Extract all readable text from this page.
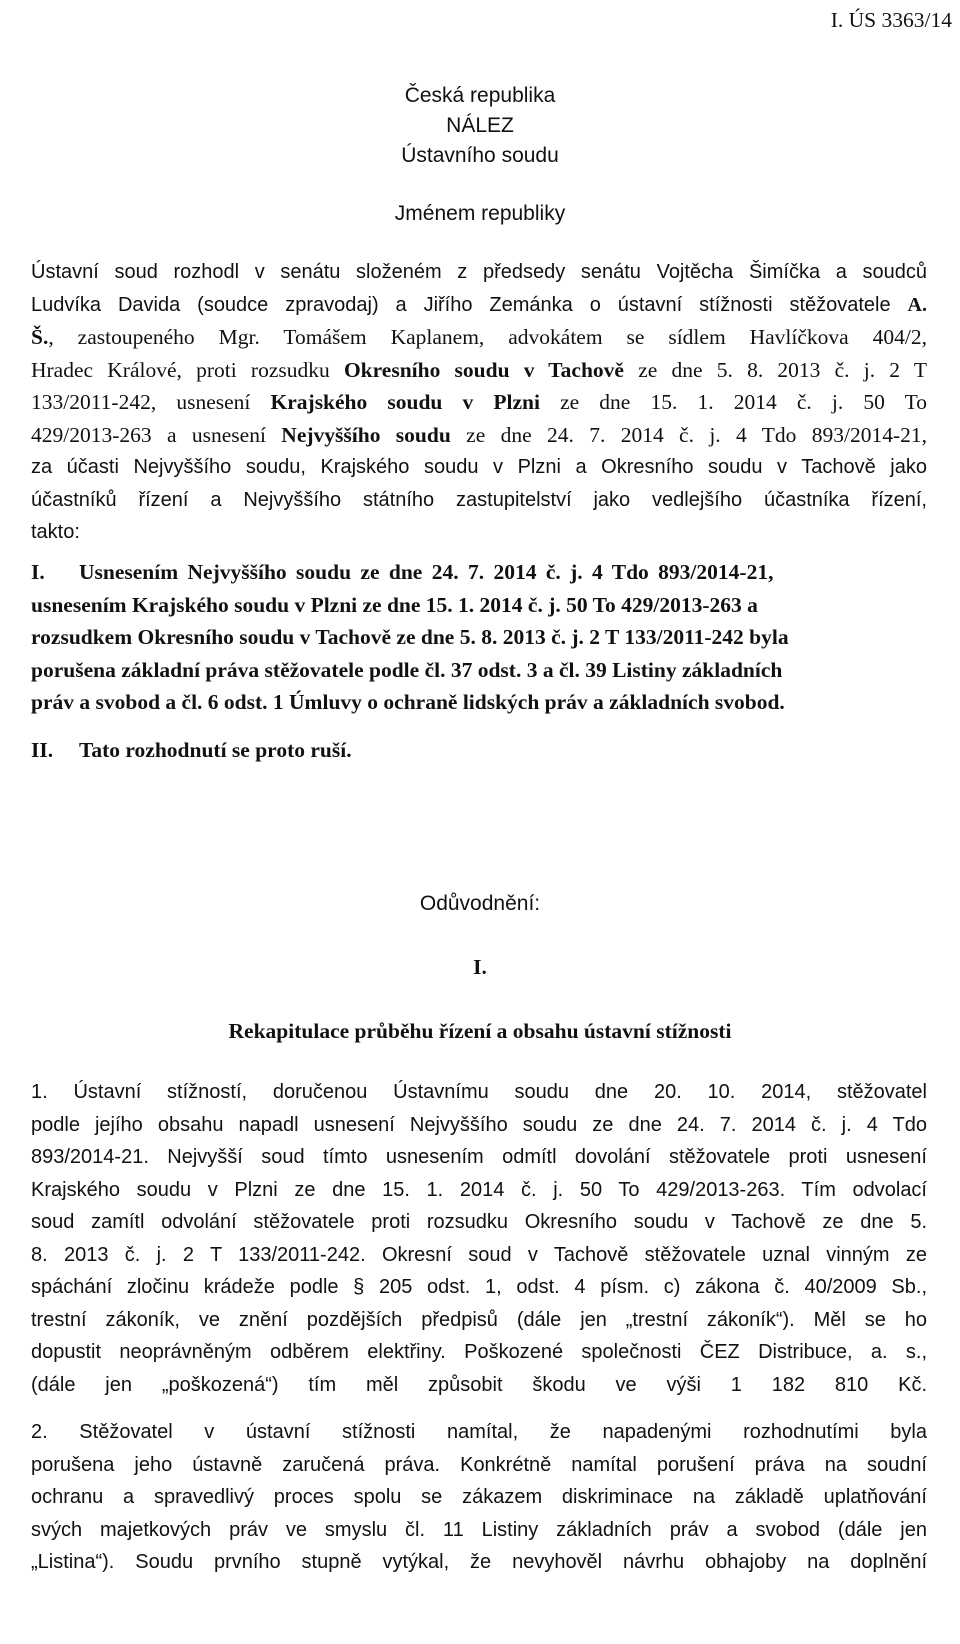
I. ÚS 3363/14
Česká republika
NÁLEZ
Ústavního soudu
Jménem republiky
Ústavní soud rozhodl v senátu složeném z předsedy senátu Vojtěcha Šimíčka a soudců
Ludvíka Davida (soudce zpravodaj) a Jiřího Zemánka o ústavní stížnosti stěžovatele A.
Š., zastoupeného Mgr. Tomášem Kaplanem, advokátem se sídlem Havlíčkova 404/2,
Hradec Králové, proti rozsudku Okresního soudu v Tachově ze dne 5. 8. 2013 č. j. 2 T
133/2011-242, usnesení Krajského soudu v Plzni ze dne 15. 1. 2014 č. j. 50 To
429/2013-263 a usnesení Nejvyššího soudu ze dne 24. 7. 2014 č. j. 4 Tdo 893/2014-21,
za účasti Nejvyššího soudu, Krajského soudu v Plzni a Okresního soudu v Tachově jako
účastníků řízení a Nejvyššího státního zastupitelství jako vedlejšího účastníka řízení,
takto:
I. Usnesením Nejvyššího soudu ze dne 24. 7. 2014 č. j. 4 Tdo 893/2014-21,
usnesením Krajského soudu v Plzni ze dne 15. 1. 2014 č. j. 50 To 429/2013-263 a
rozsudkem Okresního soudu v Tachově ze dne 5. 8. 2013 č. j. 2 T 133/2011-242 byla
porušena základní práva stěžovatele podle čl. 37 odst. 3 a čl. 39 Listiny základních
práv a svobod a čl. 6 odst. 1 Úmluvy o ochraně lidských práv a základních svobod.
II. Tato rozhodnutí se proto ruší.
Odůvodnění:
I.
Rekapitulace průběhu řízení a obsahu ústavní stížnosti
1. Ústavní stížností, doručenou Ústavnímu soudu dne 20. 10. 2014, stěžovatel
podle jejího obsahu napadl usnesení Nejvyššího soudu ze dne 24. 7. 2014 č. j. 4 Tdo
893/2014-21. Nejvyšší soud tímto usnesením odmítl dovolání stěžovatele proti usnesení
Krajského soudu v Plzni ze dne 15. 1. 2014 č. j. 50 To 429/2013-263. Tím odvolací
soud zamítl odvolání stěžovatele proti rozsudku Okresního soudu v Tachově ze dne 5.
8. 2013 č. j. 2 T 133/2011-242. Okresní soud v Tachově stěžovatele uznal vinným ze
spáchání zločinu krádeže podle § 205 odst. 1, odst. 4 písm. c) zákona č. 40/2009 Sb.,
trestní zákoník, ve znění pozdějších předpisů (dále jen „trestní zákoník“). Měl se ho
dopustit neoprávněným odběrem elektřiny. Poškozené společnosti ČEZ Distribuce, a. s.,
(dále jen „poškozená“) tím měl způsobit škodu ve výši 1 182 810 Kč.
2. Stěžovatel v ústavní stížnosti namítal, že napadenými rozhodnutími byla
porušena jeho ústavně zaručená práva. Konkrétně namítal porušení práva na soudní
ochranu a spravedlivý proces spolu se zákazem diskriminace na základě uplatňování
svých majetkových práv ve smyslu čl. 11 Listiny základních práv a svobod (dále jen
„Listina“). Soudu prvního stupně vytýkal, že nevyhověl návrhu obhajoby na doplnění
